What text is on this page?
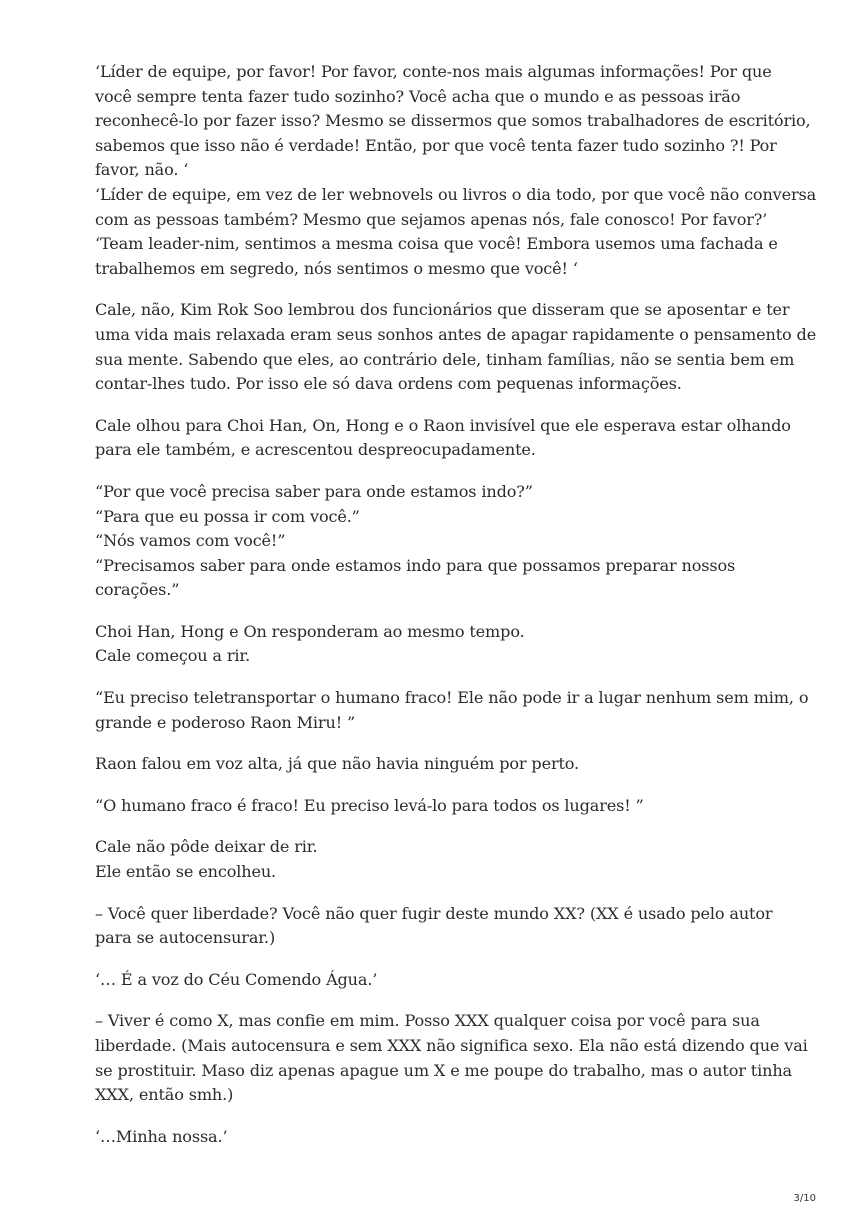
‘Líder de equipe, por favor! Por favor, conte-nos mais algumas informações! Por que
você sempre tenta fazer tudo sozinho? Você acha que o mundo e as pessoas irão
reconhecê-lo por fazer isso? Mesmo se dissermos que somos trabalhadores de escritório,
sabemos que isso não é verdade! Então, por que você tenta fazer tudo sozinho ?! Por
favor, não. ‘
‘Líder de equipe, em vez de ler webnovels ou livros o dia todo, por que você não conversa
com as pessoas também? Mesmo que sejamos apenas nós, fale conosco! Por favor?’
‘Team leader-nim, sentimos a mesma coisa que você! Embora usemos uma fachada e
trabalhemos em segredo, nós sentimos o mesmo que você! ‘

Cale, não, Kim Rok Soo lembrou dos funcionários que disseram que se aposentar e ter
uma vida mais relaxada eram seus sonhos antes de apagar rapidamente o pensamento de
sua mente. Sabendo que eles, ao contrário dele, tinham famílias, não se sentia bem em
contar-lhes tudo. Por isso ele só dava ordens com pequenas informações.

Cale olhou para Choi Han, On, Hong e o Raon invisível que ele esperava estar olhando
para ele também, e acrescentou despreocupadamente.

“Por que você precisa saber para onde estamos indo?”
“Para que eu possa ir com você.”
“Nós vamos com você!”
“Precisamos saber para onde estamos indo para que possamos preparar nossos
corações.”

Choi Han, Hong e On responderam ao mesmo tempo.
Cale começou a rir.

“Eu preciso teletransportar o humano fraco! Ele não pode ir a lugar nenhum sem mim, o
grande e poderoso Raon Miru! ”

Raon falou em voz alta, já que não havia ninguém por perto.

“O humano fraco é fraco! Eu preciso levá-lo para todos os lugares! ”

Cale não pôde deixar de rir.
Ele então se encolheu.

– Você quer liberdade? Você não quer fugir deste mundo XX? (XX é usado pelo autor
para se autocensurar.)

‘… É a voz do Céu Comendo Água.’

– Viver é como X, mas confie em mim. Posso XXX qualquer coisa por você para sua
liberdade. (Mais autocensura e sem XXX não significa sexo. Ela não está dizendo que vai
se prostituir. Maso diz apenas apague um X e me poupe do trabalho, mas o autor tinha
XXX, então smh.)

‘…Minha nossa.’

3/10
